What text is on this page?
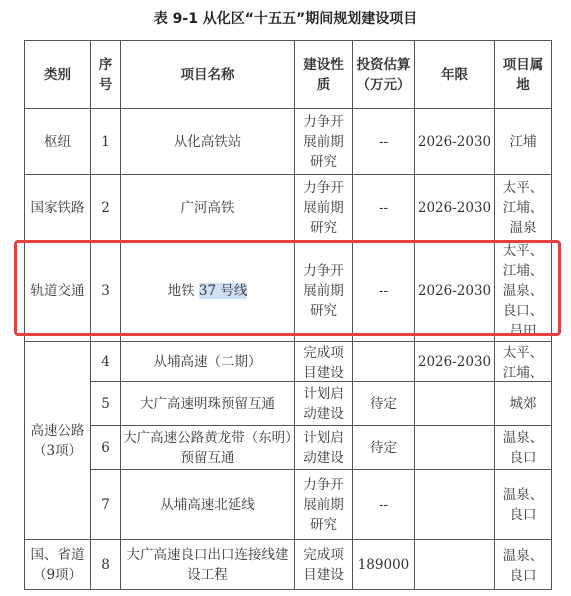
表 9-1 从化区“十五五”期间规划建设项目
类别	序号	项目名称	建设性质	投资估算（万元）	年限	项目属地
枢纽	1	从化高铁站	力争开展前期研究	--	2026-2030	江埔
国家铁路	2	广河高铁	力争开展前期研究	--	2026-2030	太平、江埔、温泉
轨道交通	3	地铁 37 号线	力争开展前期研究	--	2026-2030	太平、江埔、温泉、良口、吕田
高速公路（3项）	4	从埔高速（二期）	完成项目建设		2026-2030	太平、江埔、

	5	大广高速明珠预留互通	计划启动建设	待定		城郊
	6	大广高速公路黄龙带（东明）预留互通	计划启动建设	待定		温泉、良口
	7	从埔高速北延线	力争开展前期研究	--		温泉、良口
国、省道（9项）	8	大广高速良口出口连接线建设工程	完成项目建设	189000		温泉、良口
